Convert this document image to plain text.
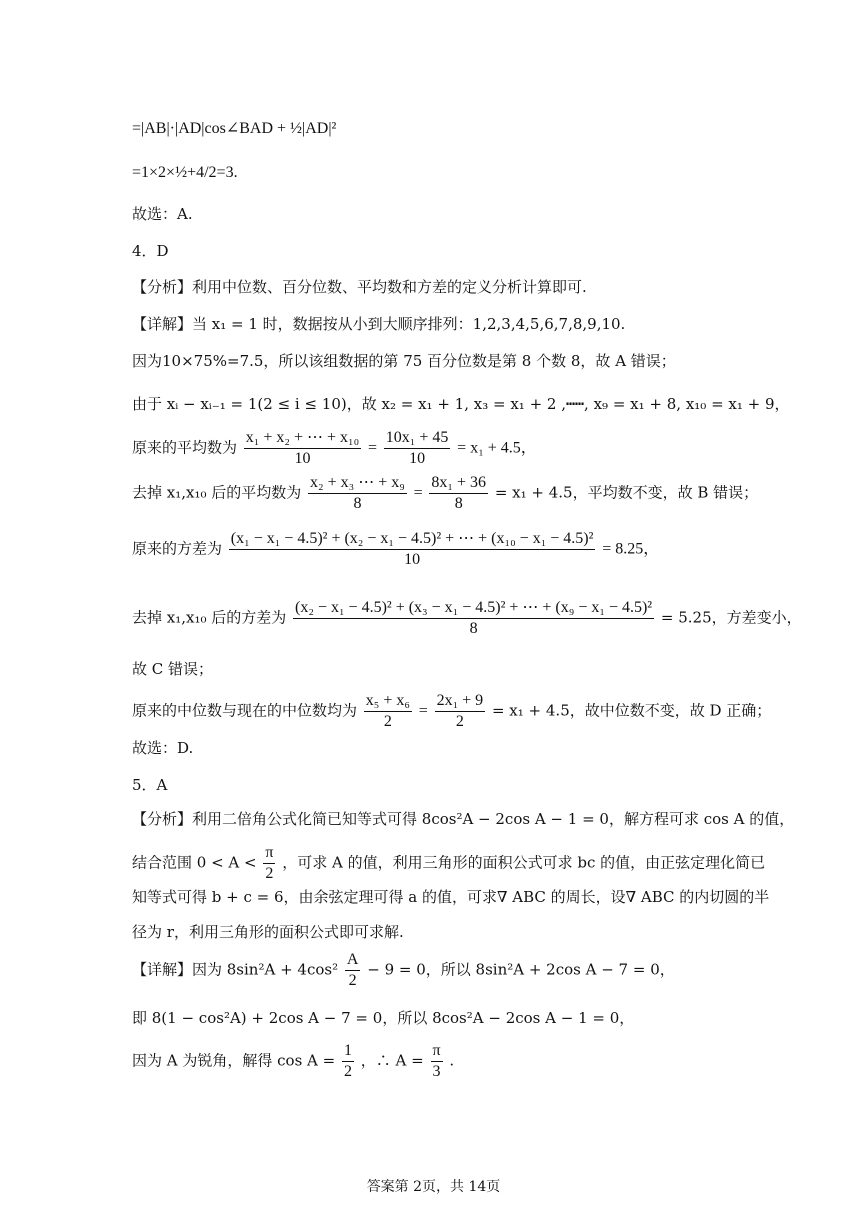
=|AB|·|AD|cos∠BAD + ½|AD|²
=1×2×½+4/2=3.
故选：A.
4．D
【分析】利用中位数、百分位数、平均数和方差的定义分析计算即可.
【详解】当 x₁ = 1 时，数据按从小到大顺序排列：1,2,3,4,5,6,7,8,9,10.
因为10×75%=7.5，所以该组数据的第 75 百分位数是第 8 个数 8，故 A 错误；
由于 xᵢ − xᵢ₋₁ = 1(2 ≤ i ≤ 10)，故 x₂ = x₁ + 1, x₃ = x₁ + 2 ,┅┅, x₉ = x₁ + 8, x₁₀ = x₁ + 9，
原来的平均数为 $\frac{\text{x₁ + x₂ + ⋯ + x₁₀}}{10} = \frac{\text{10x₁ + 45}}{10} = x_1 + 4.5$，
去掉 x₁,x₁₀ 后的平均数为 $\frac{\text{x₂ + x₃ ⋯ + x₉}}{8} = \frac{\text{8x₁ + 36}}{8} = x_1 + 4.5$，平均数不变，故 B 错误；
原来的方差为 $\frac{\text{(x₁ − x₁ − 4.5)² + (x₂ − x₁ − 4.5)² + ⋯ + (x₁₀ − x₁ − 4.5)²}}{10} = 8.25$，
去掉 x₁,x₁₀ 后的方差为 $\frac{\text{(x₂ − x₁ − 4.5)² + (x₃ − x₁ − 4.5)² + ⋯ + (x₉ − x₁ − 4.5)²}}{8} = 5.25$，方差变小，
故 C 错误；
原来的中位数与现在的中位数均为 $\frac{\text{x₅ + x₆}}{2} = \frac{\text{2x₁ + 9}}{2} = x_1 + 4.5$，故中位数不变，故 D 正确；
故选：D.
5．A
【分析】利用二倍角公式化简已知等式可得 8cos²A − 2cos A − 1 = 0，解方程可求 cos A 的值，
结合范围 $0 < A < \frac{\pi}{2}$ ，可求 A 的值，利用三角形的面积公式可求 bc 的值，由正弦定理化简已
知等式可得 b + c = 6，由余弦定理可得 a 的值，可求∇ ABC 的周长，设∇ ABC 的内切圆的半
径为 r，利用三角形的面积公式即可求解.
【详解】因为 $8\sin^2A + 4\cos^2 \frac{A}{2} - 9 = 0$，所以 8sin²A + 2cos A − 7 = 0，
即 8(1 − cos²A) + 2cos A − 7 = 0，所以 8cos²A − 2cos A − 1 = 0，
因为 A 为锐角，解得 $\cos A = \frac{1}{2}$ ，∴ $A = \frac{\pi}{3}$ .
答案第 2页，共 14页
